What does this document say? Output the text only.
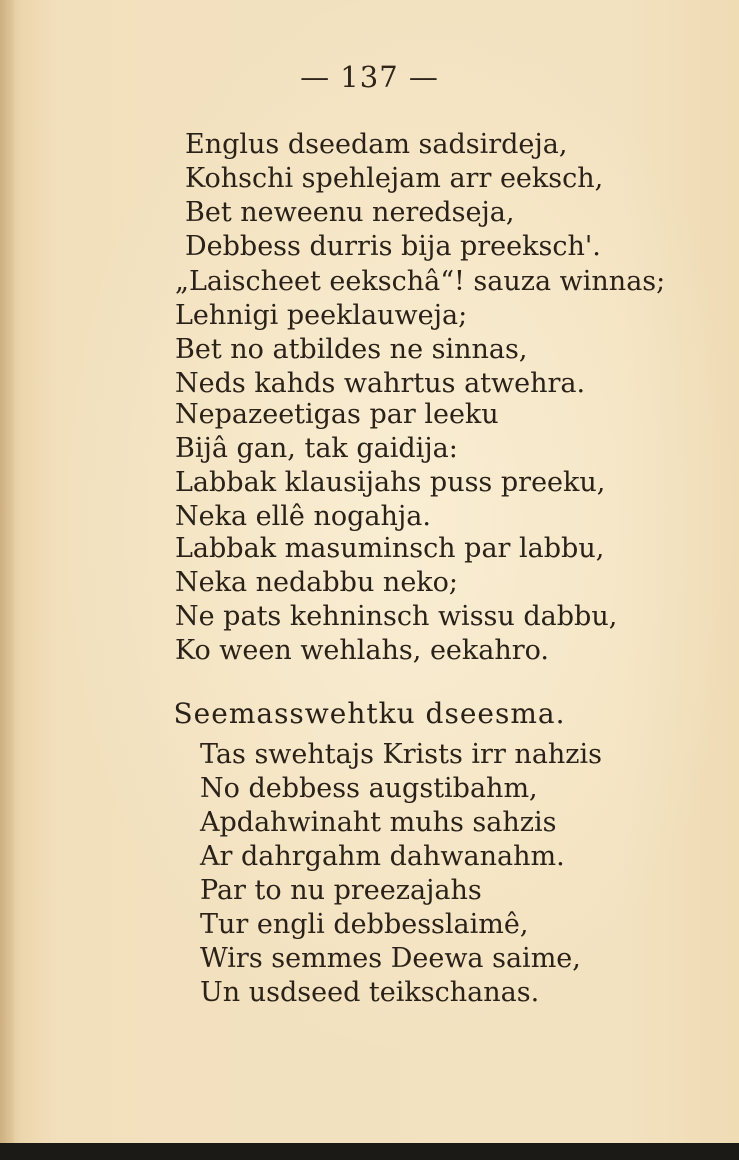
— 137 —
Englus dseedam sadsirdeja,
Kohschi spehlejam arr eeksch,
Bet neweenu neredseja,
Debbess durris bija preeksch'.
„Laischeet eekschâ“! sauza winnas;
Lehnigi peeklauweja;
Bet no atbildes ne sinnas,
Neds kahds wahrtus atwehra.
Nepazeetigas par leeku
Bijâ gan, tak gaidija:
Labbak klausijahs puss preeku,
Neka ellê nogahja.
Labbak masuminsch par labbu,
Neka nedabbu neko;
Ne pats kehninsch wissu dabbu,
Ko ween wehlahs, eekahro.
Seemasswehtku dseesma.
Tas swehtajs Krists irr nahzis
No debbess augstibahm,
Apdahwinaht muhs sahzis
Ar dahrgahm dahwanahm.
Par to nu preezajahs
Tur engli debbesslaimê,
Wirs semmes Deewa saime,
Un usdseed teikschanas.
